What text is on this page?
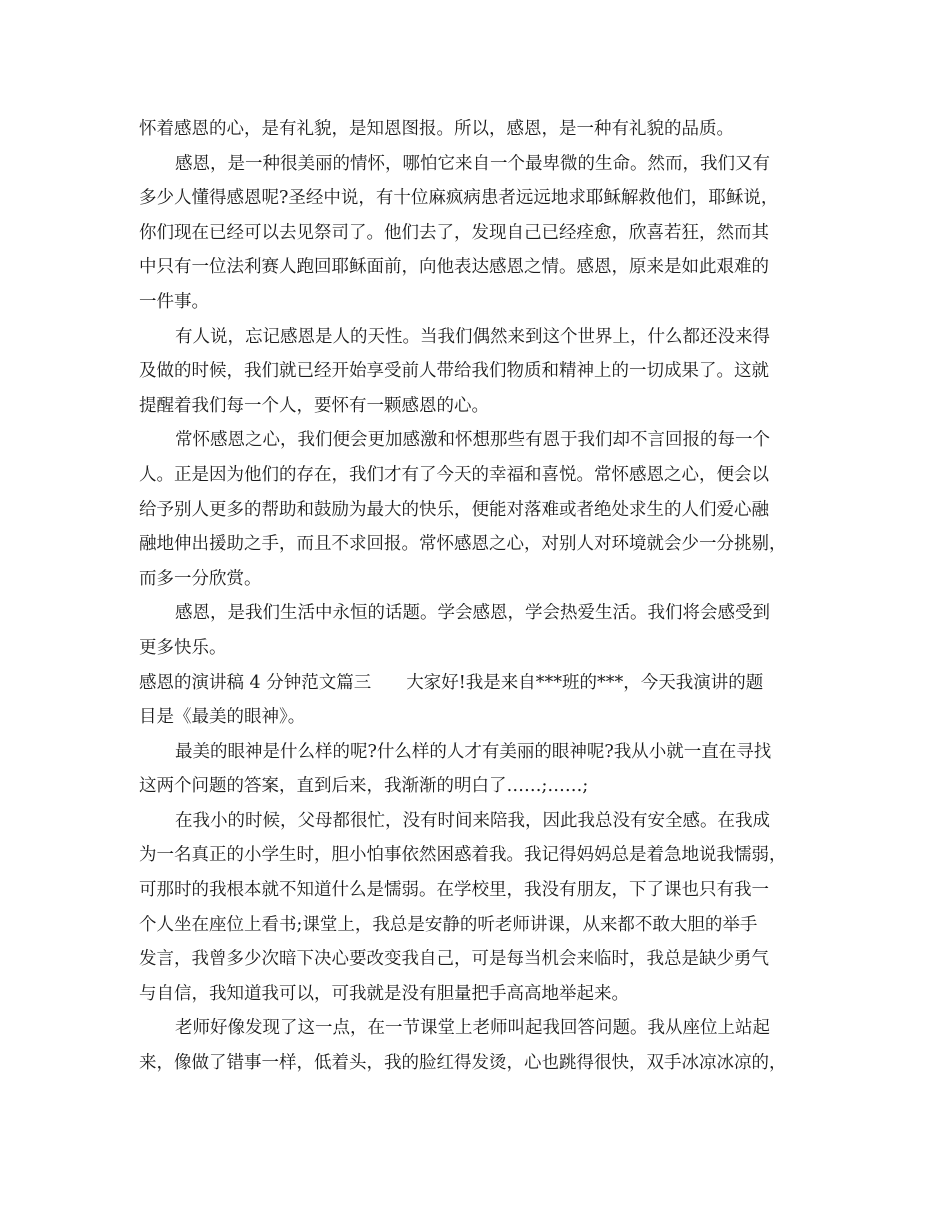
怀着感恩的心，是有礼貌，是知恩图报。所以，感恩，是一种有礼貌的品质。
感恩，是一种很美丽的情怀，哪怕它来自一个最卑微的生命。然而，我们又有
多少人懂得感恩呢?圣经中说，有十位麻疯病患者远远地求耶稣解救他们，耶稣说，
你们现在已经可以去见祭司了。他们去了，发现自己已经痊愈，欣喜若狂，然而其
中只有一位法利赛人跑回耶稣面前，向他表达感恩之情。感恩，原来是如此艰难的
一件事。
有人说，忘记感恩是人的天性。当我们偶然来到这个世界上，什么都还没来得
及做的时候，我们就已经开始享受前人带给我们物质和精神上的一切成果了。这就
提醒着我们每一个人，要怀有一颗感恩的心。
常怀感恩之心，我们便会更加感激和怀想那些有恩于我们却不言回报的每一个
人。正是因为他们的存在，我们才有了今天的幸福和喜悦。常怀感恩之心，便会以
给予别人更多的帮助和鼓励为最大的快乐，便能对落难或者绝处求生的人们爱心融
融地伸出援助之手，而且不求回报。常怀感恩之心，对别人对环境就会少一分挑剔，
而多一分欣赏。
感恩，是我们生活中永恒的话题。学会感恩，学会热爱生活。我们将会感受到
更多快乐。
感恩的演讲稿 4 分钟范文篇三　　大家好!我是来自***班的***，今天我演讲的题
目是《最美的眼神》。
最美的眼神是什么样的呢?什么样的人才有美丽的眼神呢?我从小就一直在寻找
这两个问题的答案，直到后来，我渐渐的明白了……;……;
在我小的时候，父母都很忙，没有时间来陪我，因此我总没有安全感。在我成
为一名真正的小学生时，胆小怕事依然困惑着我。我记得妈妈总是着急地说我懦弱，
可那时的我根本就不知道什么是懦弱。在学校里，我没有朋友，下了课也只有我一
个人坐在座位上看书;课堂上，我总是安静的听老师讲课，从来都不敢大胆的举手
发言，我曾多少次暗下决心要改变我自己，可是每当机会来临时，我总是缺少勇气
与自信，我知道我可以，可我就是没有胆量把手高高地举起来。
老师好像发现了这一点，在一节课堂上老师叫起我回答问题。我从座位上站起
来，像做了错事一样，低着头，我的脸红得发烫，心也跳得很快，双手冰凉冰凉的，
